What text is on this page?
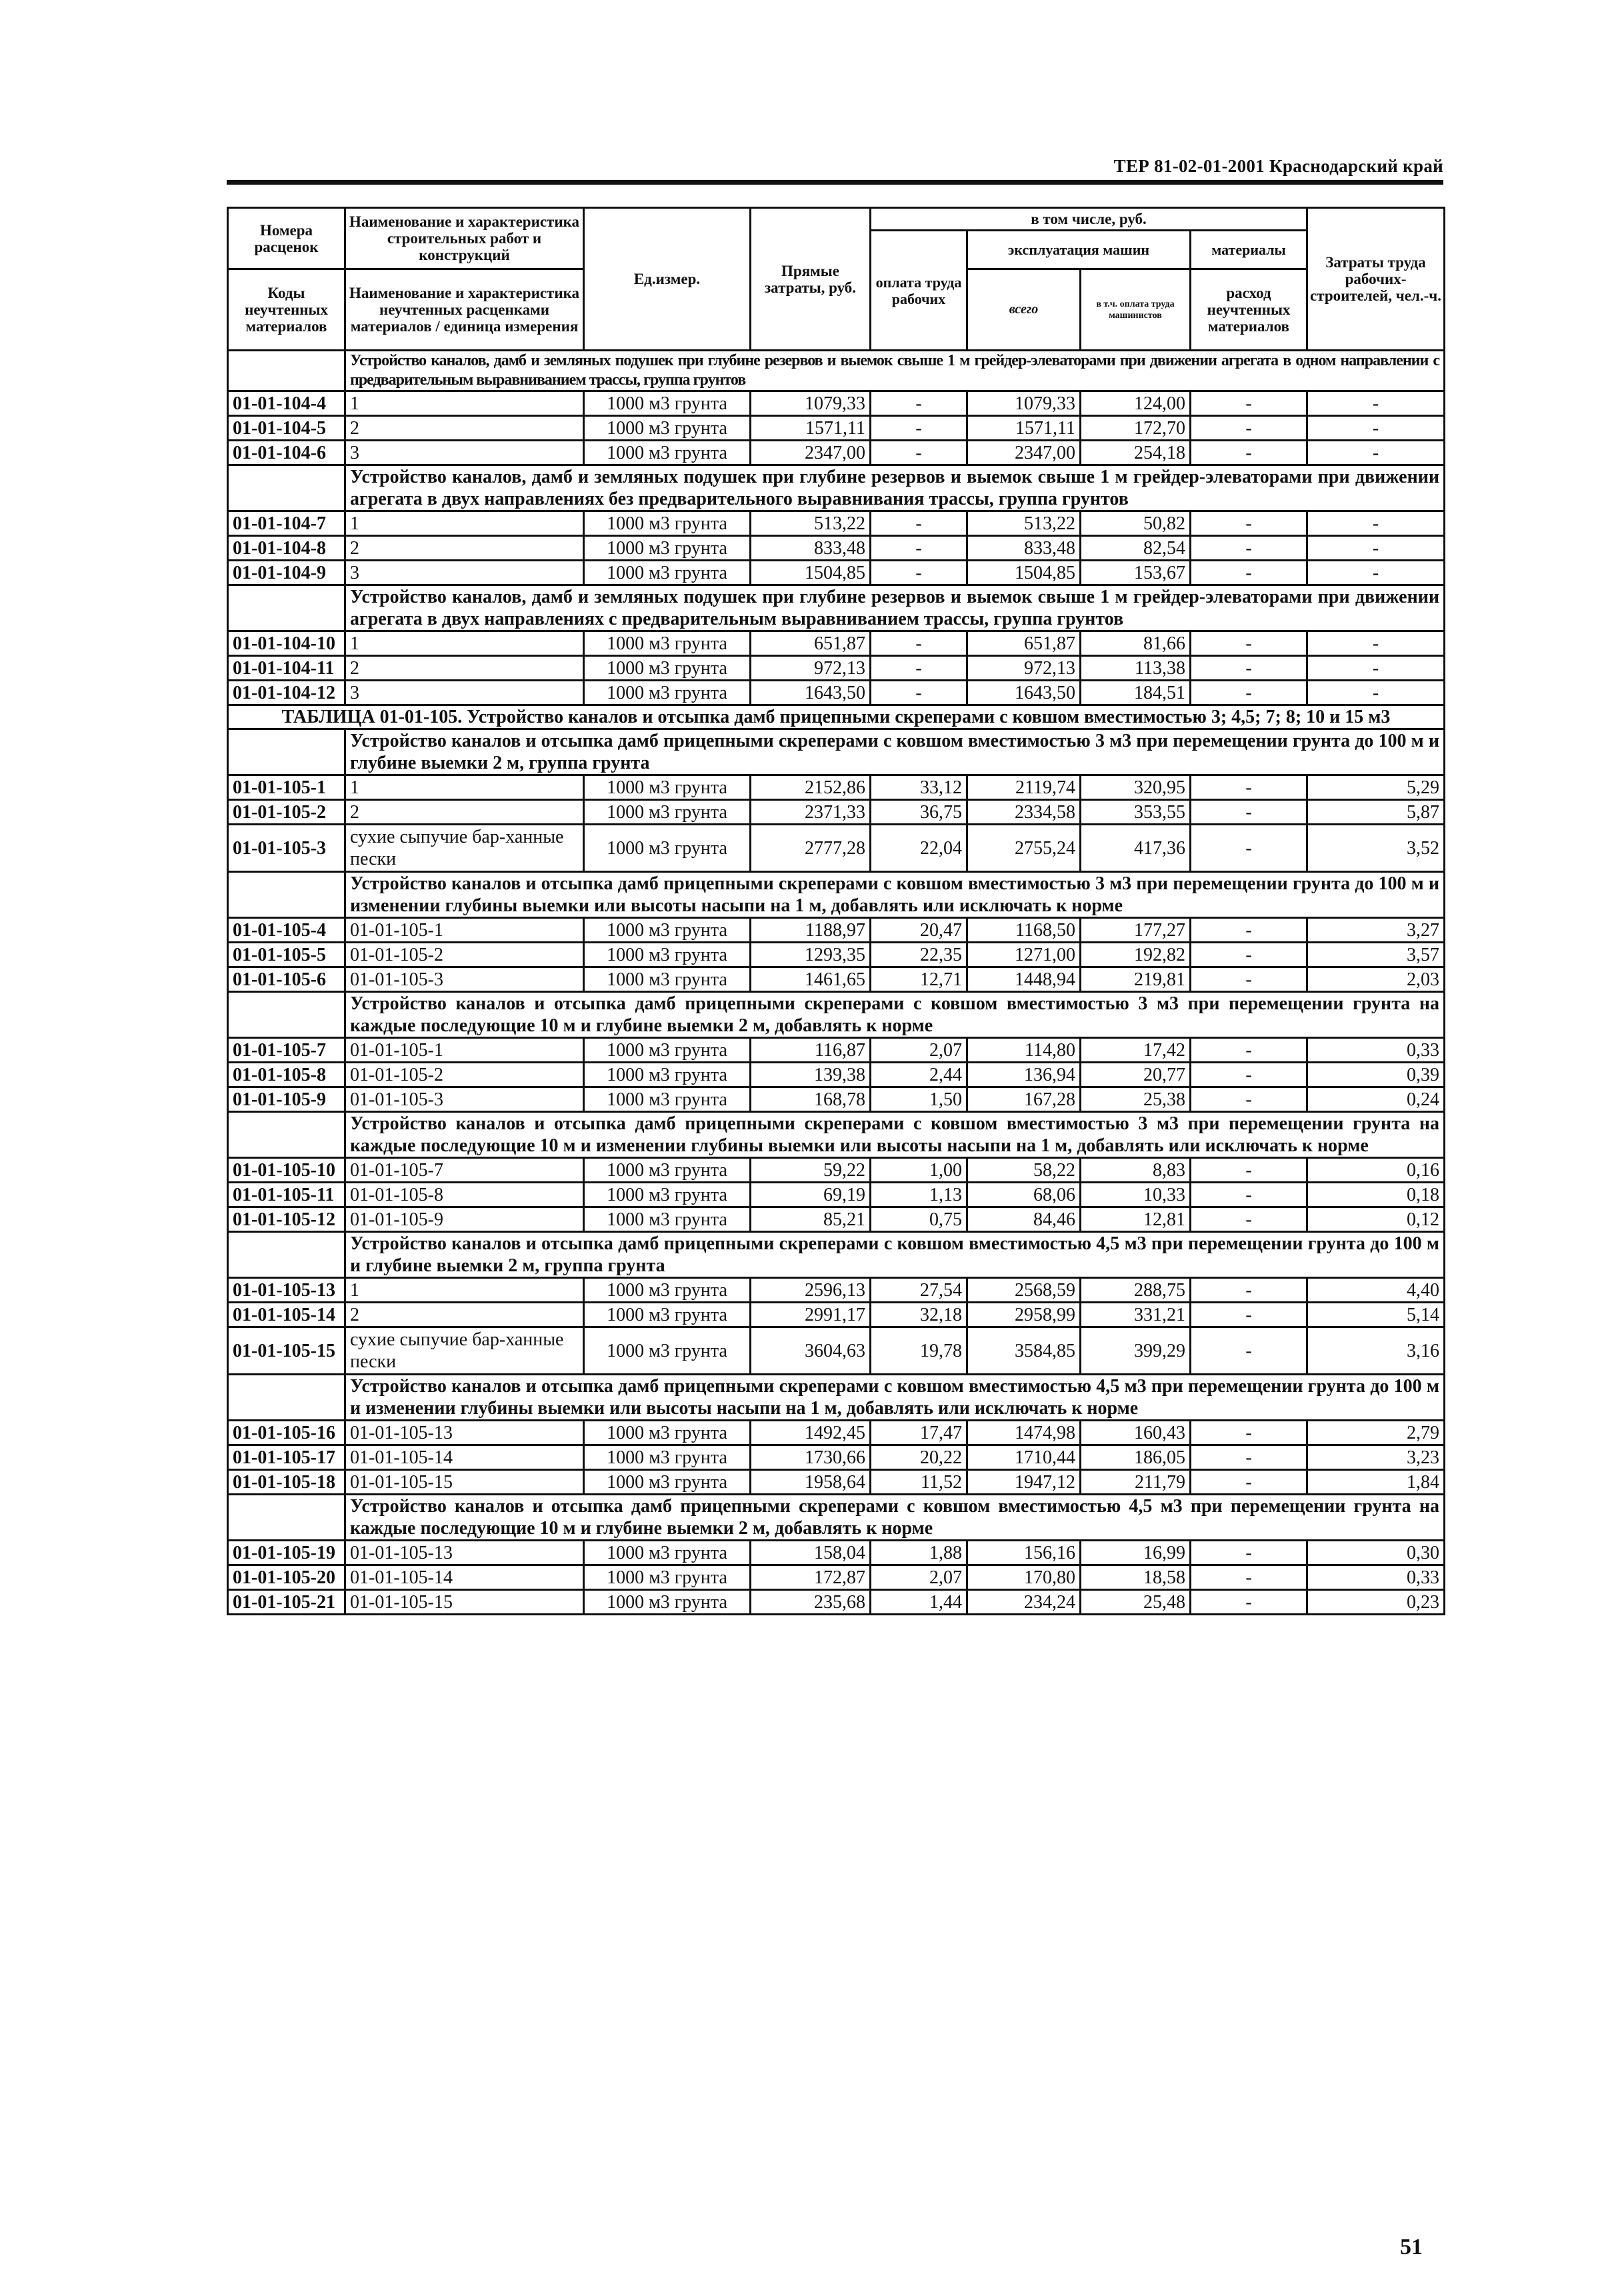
ТЕР 81-02-01-2001 Краснодарский край
Номера расценок	Наименование и характеристика строительных работ и конструкций	Ед.измер.	Прямые затраты, руб.	в том числе, руб.				Затраты труда рабочих-строителей, чел.-ч.
				оплата труда рабочих	эксплуатация машин		материалы	
Коды неучтенных материалов	Наименование и характеристика неучтенных расценками материалов / единица измерения				всего	в т.ч. оплата труда машинистов	расход неучтенных материалов	

	Устройство каналов, дамб и земляных подушек при глубине резервов и выемок свыше 1 м грейдер-элеваторами при движении агрегата в одном направлении с предварительным выравниванием трассы, группа грунтов							
01-01-104-4	1	1000 м3 грунта	1079,33	-	1079,33	124,00	-	-
01-01-104-5	2	1000 м3 грунта	1571,11	-	1571,11	172,70	-	-
01-01-104-6	3	1000 м3 грунта	2347,00	-	2347,00	254,18	-	-
	Устройство каналов, дамб и земляных подушек при глубине резервов и выемок свыше 1 м грейдер-элеваторами при движении агрегата в двух направлениях без предварительного выравнивания трассы, группа грунтов							
01-01-104-7	1	1000 м3 грунта	513,22	-	513,22	50,82	-	-
01-01-104-8	2	1000 м3 грунта	833,48	-	833,48	82,54	-	-
01-01-104-9	3	1000 м3 грунта	1504,85	-	1504,85	153,67	-	-
	Устройство каналов, дамб и земляных подушек при глубине резервов и выемок свыше 1 м грейдер-элеваторами при движении агрегата в двух направлениях с предварительным выравниванием трассы, группа грунтов							
01-01-104-10	1	1000 м3 грунта	651,87	-	651,87	81,66	-	-
01-01-104-11	2	1000 м3 грунта	972,13	-	972,13	113,38	-	-
01-01-104-12	3	1000 м3 грунта	1643,50	-	1643,50	184,51	-	-
ТАБЛИЦА 01-01-105. Устройство каналов и отсыпка дамб прицепными скреперами с ковшом вместимостью 3; 4,5; 7; 8; 10 и 15 м3								
	Устройство каналов и отсыпка дамб прицепными скреперами с ковшом вместимостью 3 м3 при перемещении грунта до 100 м и глубине выемки 2 м, группа грунта							
01-01-105-1	1	1000 м3 грунта	2152,86	33,12	2119,74	320,95	-	5,29
01-01-105-2	2	1000 м3 грунта	2371,33	36,75	2334,58	353,55	-	5,87
01-01-105-3	сухие сыпучие бар-ханные пески	1000 м3 грунта	2777,28	22,04	2755,24	417,36	-	3,52
	Устройство каналов и отсыпка дамб прицепными скреперами с ковшом вместимостью 3 м3 при перемещении грунта до 100 м и изменении глубины выемки или высоты насыпи на 1 м, добавлять или исключать к норме							
01-01-105-4	01-01-105-1	1000 м3 грунта	1188,97	20,47	1168,50	177,27	-	3,27
01-01-105-5	01-01-105-2	1000 м3 грунта	1293,35	22,35	1271,00	192,82	-	3,57
01-01-105-6	01-01-105-3	1000 м3 грунта	1461,65	12,71	1448,94	219,81	-	2,03
	Устройство каналов и отсыпка дамб прицепными скреперами с ковшом вместимостью 3 м3 при перемещении грунта на каждые последующие 10 м и глубине выемки 2 м, добавлять к норме							
01-01-105-7	01-01-105-1	1000 м3 грунта	116,87	2,07	114,80	17,42	-	0,33
01-01-105-8	01-01-105-2	1000 м3 грунта	139,38	2,44	136,94	20,77	-	0,39
01-01-105-9	01-01-105-3	1000 м3 грунта	168,78	1,50	167,28	25,38	-	0,24
	Устройство каналов и отсыпка дамб прицепными скреперами с ковшом вместимостью 3 м3 при перемещении грунта на каждые последующие 10 м и изменении глубины выемки или высоты насыпи на 1 м, добавлять или исключать к норме							
01-01-105-10	01-01-105-7	1000 м3 грунта	59,22	1,00	58,22	8,83	-	0,16
01-01-105-11	01-01-105-8	1000 м3 грунта	69,19	1,13	68,06	10,33	-	0,18
01-01-105-12	01-01-105-9	1000 м3 грунта	85,21	0,75	84,46	12,81	-	0,12
	Устройство каналов и отсыпка дамб прицепными скреперами с ковшом вместимостью 4,5 м3 при перемещении грунта до 100 м и глубине выемки 2 м, группа грунта							
01-01-105-13	1	1000 м3 грунта	2596,13	27,54	2568,59	288,75	-	4,40
01-01-105-14	2	1000 м3 грунта	2991,17	32,18	2958,99	331,21	-	5,14
01-01-105-15	сухие сыпучие бар-ханные пески	1000 м3 грунта	3604,63	19,78	3584,85	399,29	-	3,16
	Устройство каналов и отсыпка дамб прицепными скреперами с ковшом вместимостью 4,5 м3 при перемещении грунта до 100 м и изменении глубины выемки или высоты насыпи на 1 м, добавлять или исключать к норме							
01-01-105-16	01-01-105-13	1000 м3 грунта	1492,45	17,47	1474,98	160,43	-	2,79
01-01-105-17	01-01-105-14	1000 м3 грунта	1730,66	20,22	1710,44	186,05	-	3,23
01-01-105-18	01-01-105-15	1000 м3 грунта	1958,64	11,52	1947,12	211,79	-	1,84
	Устройство каналов и отсыпка дамб прицепными скреперами с ковшом вместимостью 4,5 м3 при перемещении грунта на каждые последующие 10 м и глубине выемки 2 м, добавлять к норме							
01-01-105-19	01-01-105-13	1000 м3 грунта	158,04	1,88	156,16	16,99	-	0,30
01-01-105-20	01-01-105-14	1000 м3 грунта	172,87	2,07	170,80	18,58	-	0,33
01-01-105-21	01-01-105-15	1000 м3 грунта	235,68	1,44	234,24	25,48	-	0,23
51
